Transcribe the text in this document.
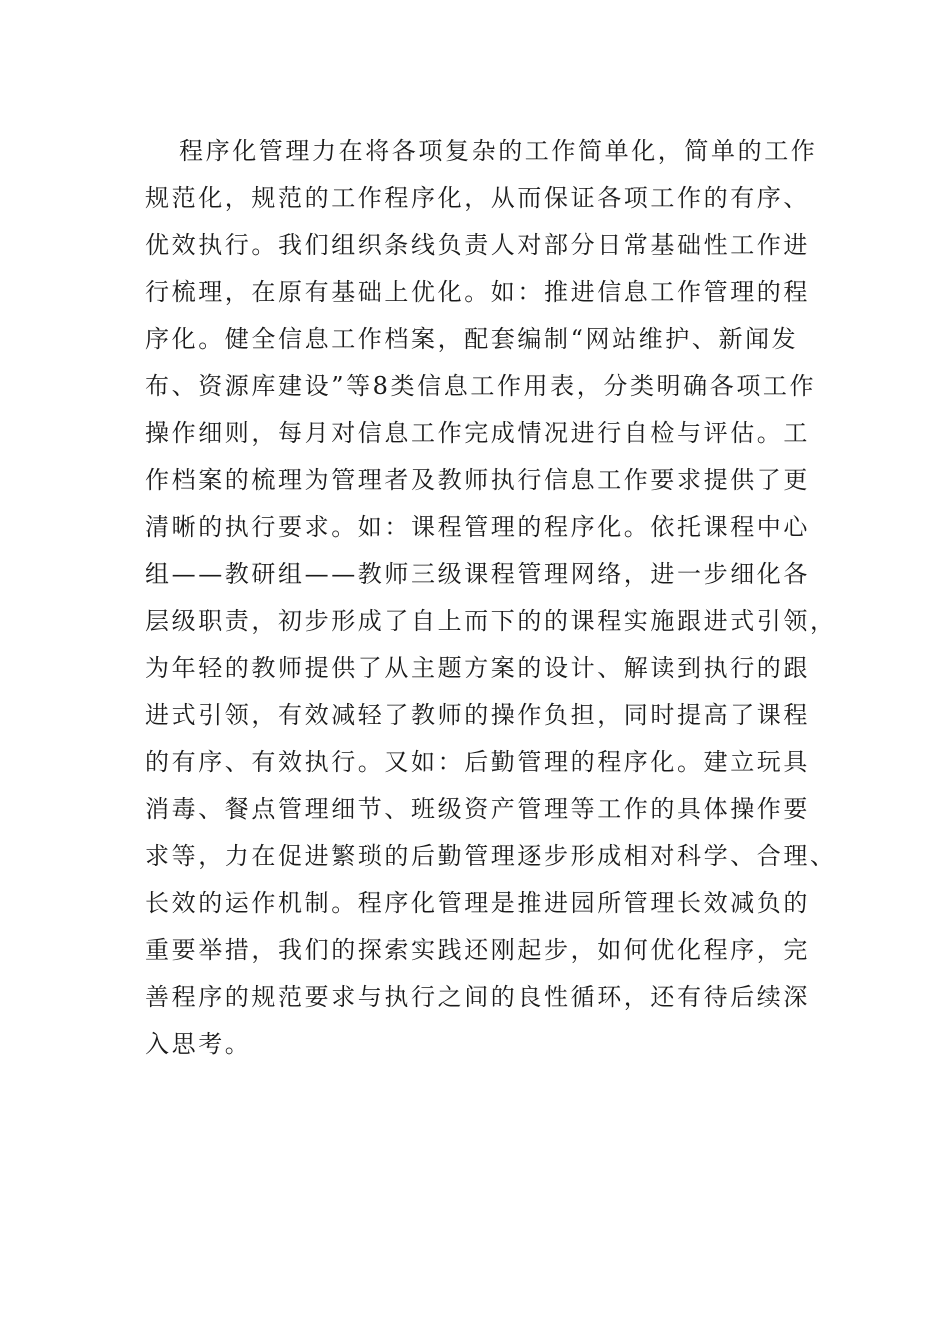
程序化管理力在将各项复杂的工作简单化，简单的工作
规范化，规范的工作程序化，从而保证各项工作的有序、
优效执行。我们组织条线负责人对部分日常基础性工作进
行梳理，在原有基础上优化。如：推进信息工作管理的程
序化。健全信息工作档案，配套编制“网站维护、新闻发
布、资源库建设”等8类信息工作用表，分类明确各项工作
操作细则，每月对信息工作完成情况进行自检与评估。工
作档案的梳理为管理者及教师执行信息工作要求提供了更
清晰的执行要求。如：课程管理的程序化。依托课程中心
组——教研组——教师三级课程管理网络，进一步细化各
层级职责，初步形成了自上而下的的课程实施跟进式引领，
为年轻的教师提供了从主题方案的设计、解读到执行的跟
进式引领，有效减轻了教师的操作负担，同时提高了课程
的有序、有效执行。又如：后勤管理的程序化。建立玩具
消毒、餐点管理细节、班级资产管理等工作的具体操作要
求等，力在促进繁琐的后勤管理逐步形成相对科学、合理、
长效的运作机制。程序化管理是推进园所管理长效减负的
重要举措，我们的探索实践还刚起步，如何优化程序，完
善程序的规范要求与执行之间的良性循环，还有待后续深
入思考。
